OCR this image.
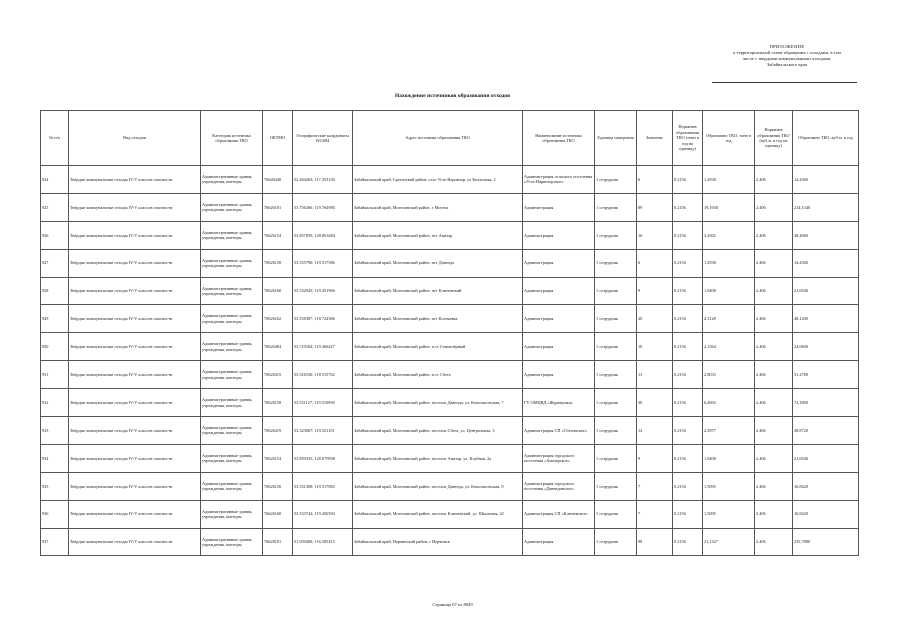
ПРИЛОЖЕНИЕ
к территориальной схеме обращения с отходами, в том
числе с твердыми коммунальными отходами,
Забайкальского края
Нахождение источников образования отходов
№ п/п	Вид отходов	Категория источника образования ТКО	ОКТМО	Географические координаты WGS84	Адрес источника образования ТКО	Наименование источника образования ТКО	Единица измерения	Значение	Норматив образования ТКО (тонн в год на единицу)	Образовано ТКО, тонн в год	Норматив образования ТКО (куб.м. в год на единицу)	Образовано ТКО, куб.м. в год
924	Твёрдые коммунальные отходы IV-V классов опасности	Административные здания, учреждения, конторы	76640440	52.264263; 117.353130	Забайкальский край, Сретенский район, село Усть-Наринзор, ул Колхозная, 2	Администрация сельского поселения «Усть-Наринзорское»	1 сотрудник	6	0.2156	1,2938	2.406	14,4360
925	Твёрдые коммунальные отходы IV-V классов опасности	Административные здания, учреждения, конторы	76626101	53.756266; 119.764980	Забайкальский край, Могочинский район, г Могоча	Администрация	1 сотрудник	89	0.2156	19,1930	2.406	214,1340
926	Твёрдые коммунальные отходы IV-V классов опасности	Административные здания, учреждения, конторы	76626154	53.857839; 120.863484	Забайкальский край, Могочинский район, пгт Амазар	Администрация	1 сотрудник	16	0.2156	3,4502	2.406	38,4960
927	Твёрдые коммунальные отходы IV-V классов опасности	Административные здания, учреждения, конторы	76626158	53.555796; 119.517586	Забайкальский край, Могочинский район, пгт Давенда	Администрация	1 сотрудник	6	0.2156	1,2938	2.406	14,4360
928	Твёрдые коммунальные отходы IV-V классов опасности	Административные здания, учреждения, конторы	76626160	53.532945; 119.451966	Забайкальский край, Могочинский район, пгт Ключевский	Администрация	1 сотрудник	9	0.2156	1,9408	2.406	21,6540
929	Твёрдые коммунальные отходы IV-V классов опасности	Административные здания, учреждения, конторы	76626162	53.558387; 118.724366	Забайкальский край, Могочинский район, пгт Ксеньевка	Администрация	1 сотрудник	20	0.2156	4,3128	2.406	48,1200
930	Твёрдые коммунальные отходы IV-V классов опасности	Административные здания, учреждения, конторы	76626404	53.710164; 119.366427	Забайкальский край, Могочинский район, п.ст Семиозёрный	Администрация	1 сотрудник	10	0.2156	2,1564	2.406	24,0600
931	Твёрдые коммунальные отходы IV-V классов опасности	Административные здания, учреждения, конторы	76626415	53.316536; 118.515762	Забайкальский край, Могочинский район, п.ст Сбега	Администрация	1 сотрудник	13	0.2156	2,8033	2.406	31,2780
932	Твёрдые коммунальные отходы IV-V классов опасности	Административные здания, учреждения, конторы	76626158	53.551127; 119.510998	Забайкальский край, Могочинский район, поселок Давенда, ул. Комсомольская, 7	ГУ ОМЦВД «Журавушка»	1 сотрудник	30	0.2156	6,4692	2.406	72,1800
933	Твёрдые коммунальные отходы IV-V классов опасности	Административные здания, учреждения, конторы	76626419	53.323067; 119.521101	Забайкальский край, Могочинский район, поселок Сбега, ул. Центральная, 3	Администрация СП «Сбегинское»	1 сотрудник	12	0.2156	2,5877	2.406	28,8720
934	Твёрдые коммунальные отходы IV-V классов опасности	Административные здания, учреждения, конторы	76626154	53.859335; 120.879938	Забайкальский край, Могочинский район, поселок Амазар, ул. Клубная, 2а	Администрация городского поселения «Амазарское»	1 сотрудник	9	0.2156	1,9408	2.406	21,6540
935	Твёрдые коммунальные отходы IV-V классов опасности	Административные здания, учреждения, конторы	76626156	53.551368; 119.517883	Забайкальский край, Могочинский район, поселок Давенда, ул. Комсомольская, 9	Администрация городского поселения «Давендинское»	1 сотрудник	7	0.2156	1,5095	2.406	16,8420
936	Твёрдые коммунальные отходы IV-V классов опасности	Административные здания, учреждения, конторы	76626160	53.533742; 119.456594	Забайкальский край, Могочинский район, поселок Ключевский, ул. Школьная, 42	Администрация СП «Ключевское»	1 сотрудник	7	0.2156	1,5095	2.406	16,8420
937	Твёрдые коммунальные отходы IV-V классов опасности	Административные здания, учреждения, конторы	76628101	51.959400; 116.585415	Забайкальский край, Нерчинский район, г Нерчинск	Администрация	1 сотрудник	98	0.2156	21,1327	2.406	235,7880
Страница 67 из 8049
